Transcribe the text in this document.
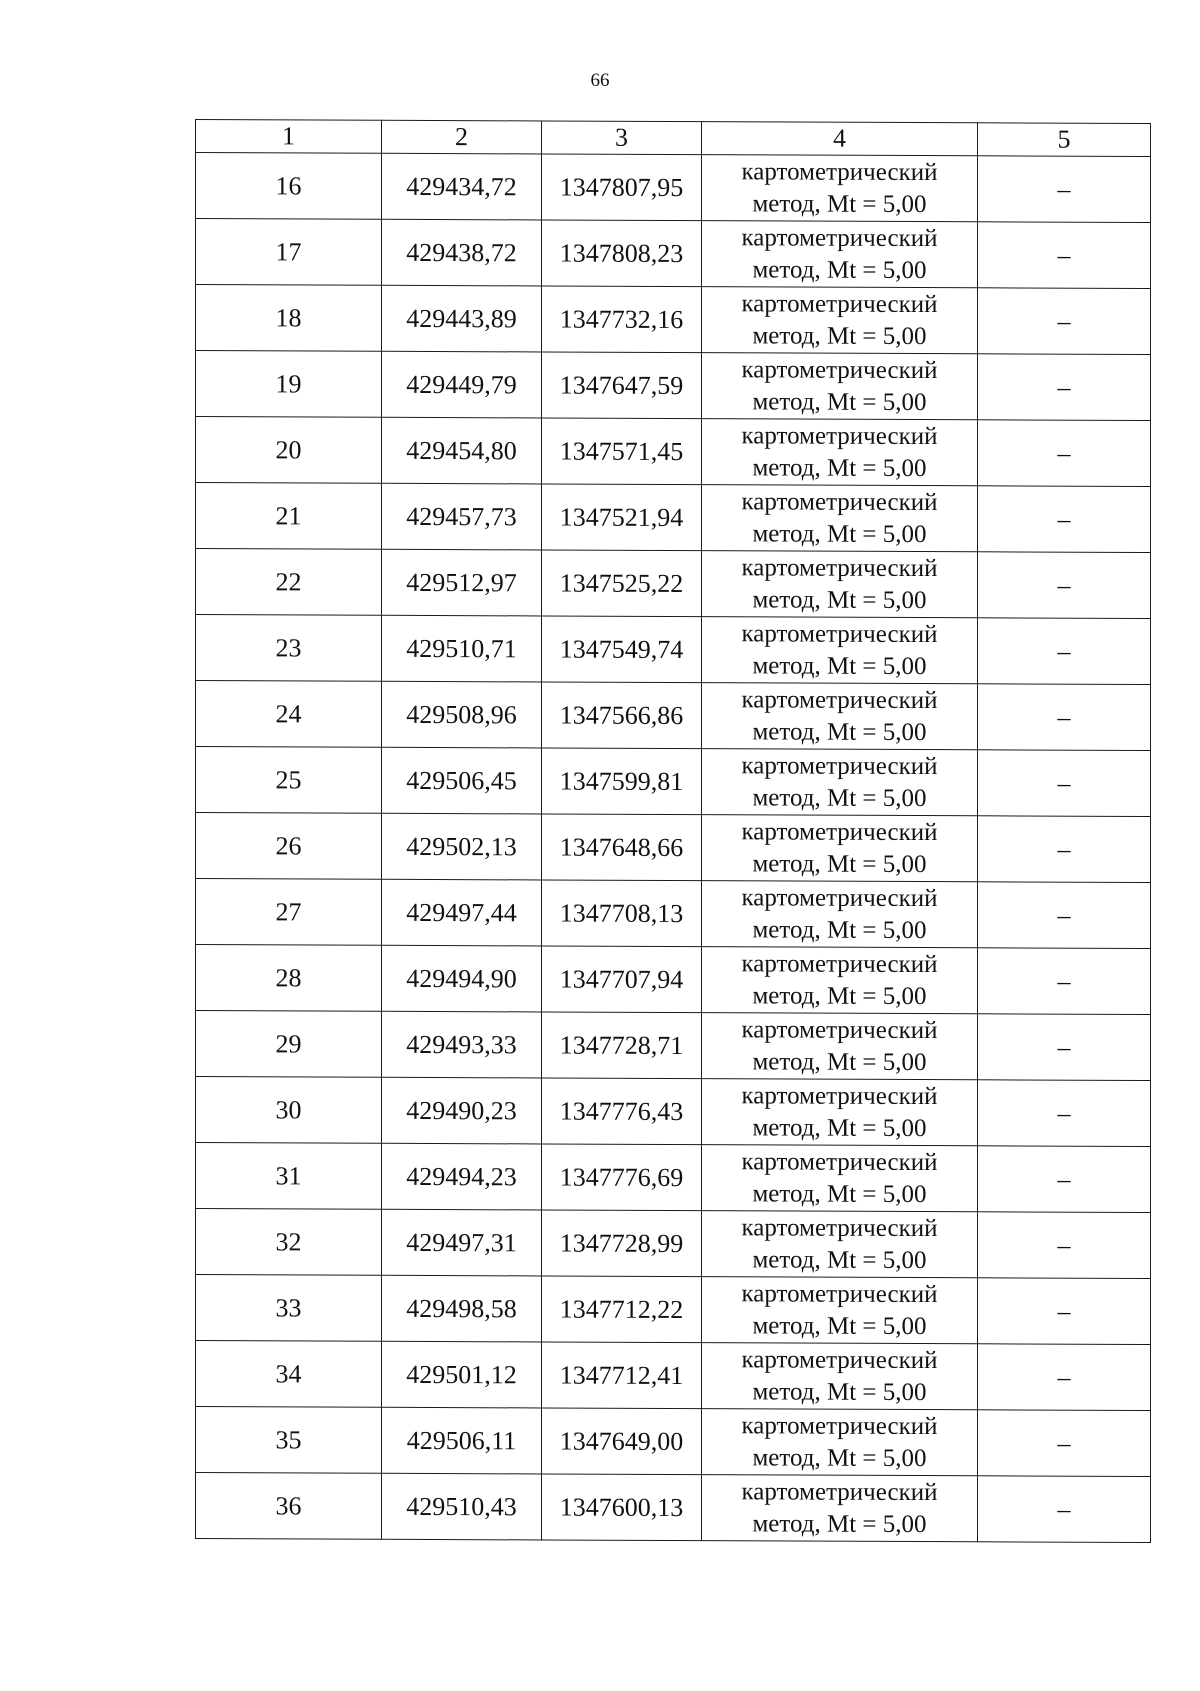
66
1	2	3	4	5
16	429434,72	1347807,95	картометрический
метод, Mt = 5,00	–
17	429438,72	1347808,23	картометрический
метод, Mt = 5,00	–
18	429443,89	1347732,16	картометрический
метод, Mt = 5,00	–
19	429449,79	1347647,59	картометрический
метод, Mt = 5,00	–
20	429454,80	1347571,45	картометрический
метод, Mt = 5,00	–
21	429457,73	1347521,94	картометрический
метод, Mt = 5,00	–
22	429512,97	1347525,22	картометрический
метод, Mt = 5,00	–
23	429510,71	1347549,74	картометрический
метод, Mt = 5,00	–
24	429508,96	1347566,86	картометрический
метод, Mt = 5,00	–
25	429506,45	1347599,81	картометрический
метод, Mt = 5,00	–
26	429502,13	1347648,66	картометрический
метод, Mt = 5,00	–
27	429497,44	1347708,13	картометрический
метод, Mt = 5,00	–
28	429494,90	1347707,94	картометрический
метод, Mt = 5,00	–
29	429493,33	1347728,71	картометрический
метод, Mt = 5,00	–
30	429490,23	1347776,43	картометрический
метод, Mt = 5,00	–
31	429494,23	1347776,69	картометрический
метод, Mt = 5,00	–
32	429497,31	1347728,99	картометрический
метод, Mt = 5,00	–
33	429498,58	1347712,22	картометрический
метод, Mt = 5,00	–
34	429501,12	1347712,41	картометрический
метод, Mt = 5,00	–
35	429506,11	1347649,00	картометрический
метод, Mt = 5,00	–
36	429510,43	1347600,13	картометрический
метод, Mt = 5,00	–
